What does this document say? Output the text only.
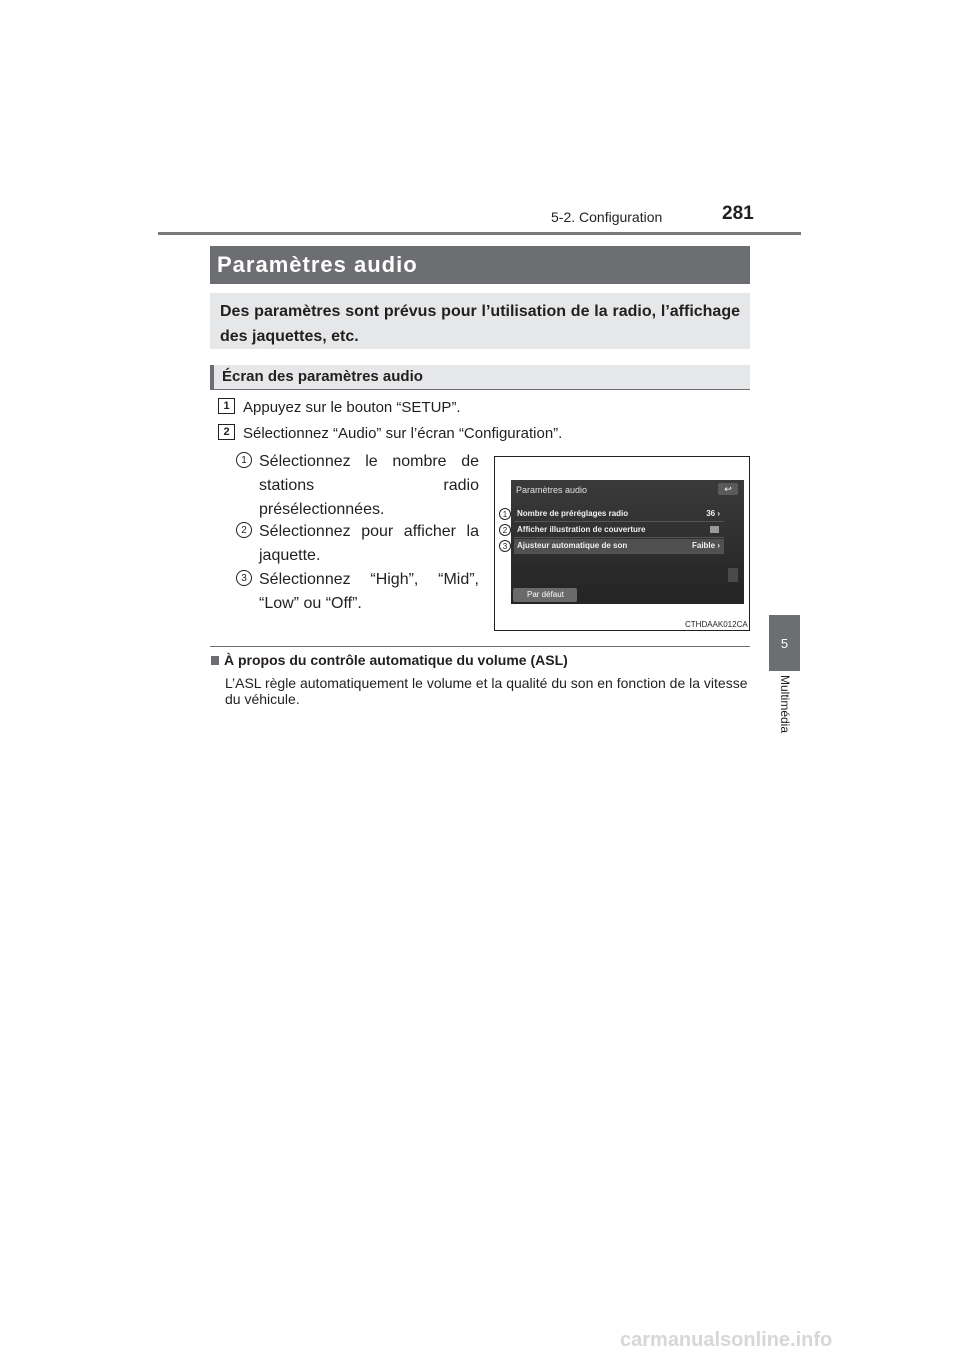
5-2. Configuration	281
5
Multimédia
Paramètres audio

Des paramètres sont prévus pour l’utilisation de la radio, l’affichage des jaquettes, etc.

Écran des paramètres audio
1 Appuyez sur le bouton “SETUP”.
2 Sélectionnez “Audio” sur l’écran “Configuration”.
1 Sélectionnez le nombre de
stations radio
présélectionnées.
2 Sélectionnez pour afficher la
jaquette.
3 Sélectionnez “High”, “Mid”,
“Low” ou “Off”.
Paramètres audio	↩
Nombre de préréglages radio	36 ›
Afficher illustration de couverture
Ajusteur automatique de son	Faible ›
Par défaut
1
2
3
CTHDAAK012CA
À propos du contrôle automatique du volume (ASL)
L’ASL règle automatiquement le volume et la qualité du son en fonction de la vitesse du véhicule.
carmanualsonline.info
